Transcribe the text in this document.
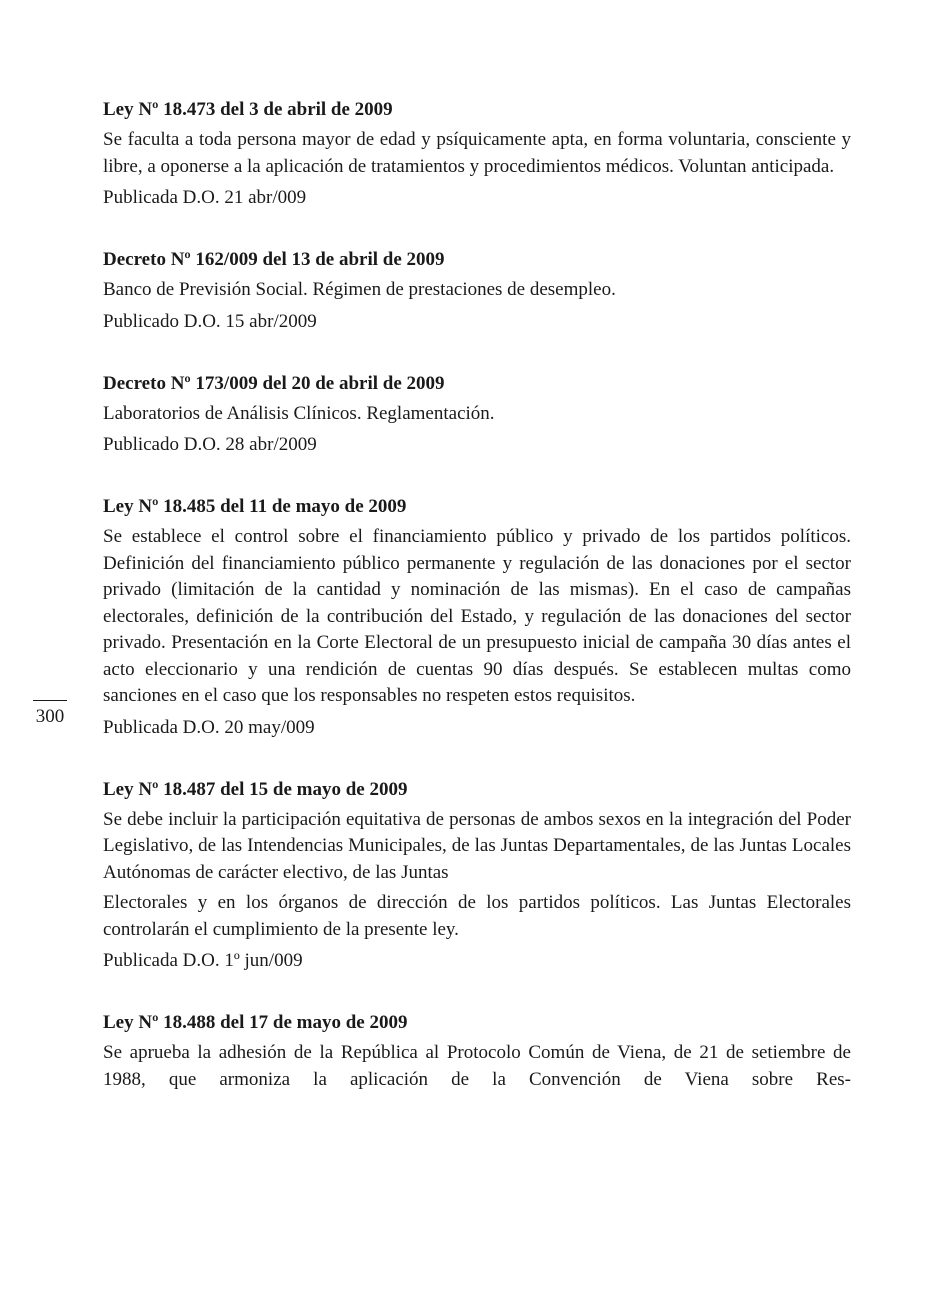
300
Ley Nº 18.473 del 3 de abril de 2009

Se faculta a toda persona mayor de edad y psíquicamente apta, en forma voluntaria, consciente y libre, a oponerse a la aplicación de tratamientos y procedimientos médicos. Voluntan anticipada.

Publicada D.O. 21 abr/009
Decreto Nº 162/009 del 13 de abril de 2009

Banco de Previsión Social. Régimen de prestaciones de desempleo.

Publicado D.O. 15 abr/2009
Decreto Nº 173/009 del 20 de abril de 2009

Laboratorios de Análisis Clínicos. Reglamentación.

Publicado D.O. 28 abr/2009
Ley Nº 18.485 del 11 de mayo de 2009

Se establece el control sobre el financiamiento público y privado de los partidos políticos. Definición del financiamiento público permanente y regulación de las donaciones por el sector privado (limitación de la cantidad y nominación de las mismas). En el caso de campañas electorales, definición de la contribución del Estado, y regulación de las donaciones del sector privado. Presentación en la Corte Electoral de un presupuesto inicial de campaña 30 días antes el acto eleccionario y una rendición de cuentas 90 días después. Se establecen multas como sanciones en el caso que los responsables no respeten estos requisitos.

Publicada D.O. 20 may/009
Ley Nº 18.487 del 15 de mayo de 2009

Se debe incluir la participación equitativa de personas de ambos sexos en la integración del Poder Legislativo, de las Intendencias Municipales, de las Juntas Departamentales, de las Juntas Locales Autónomas de carácter electivo, de las Juntas

Electorales y en los órganos de dirección de los partidos políticos. Las Juntas Electorales controlarán el cumplimiento de la presente ley.

Publicada D.O. 1º jun/009
Ley Nº 18.488 del 17 de mayo de 2009

Se aprueba la adhesión de la República al Protocolo Común de Viena, de 21 de setiembre de 1988, que armoniza la aplicación de la Convención de Viena sobre Res-
